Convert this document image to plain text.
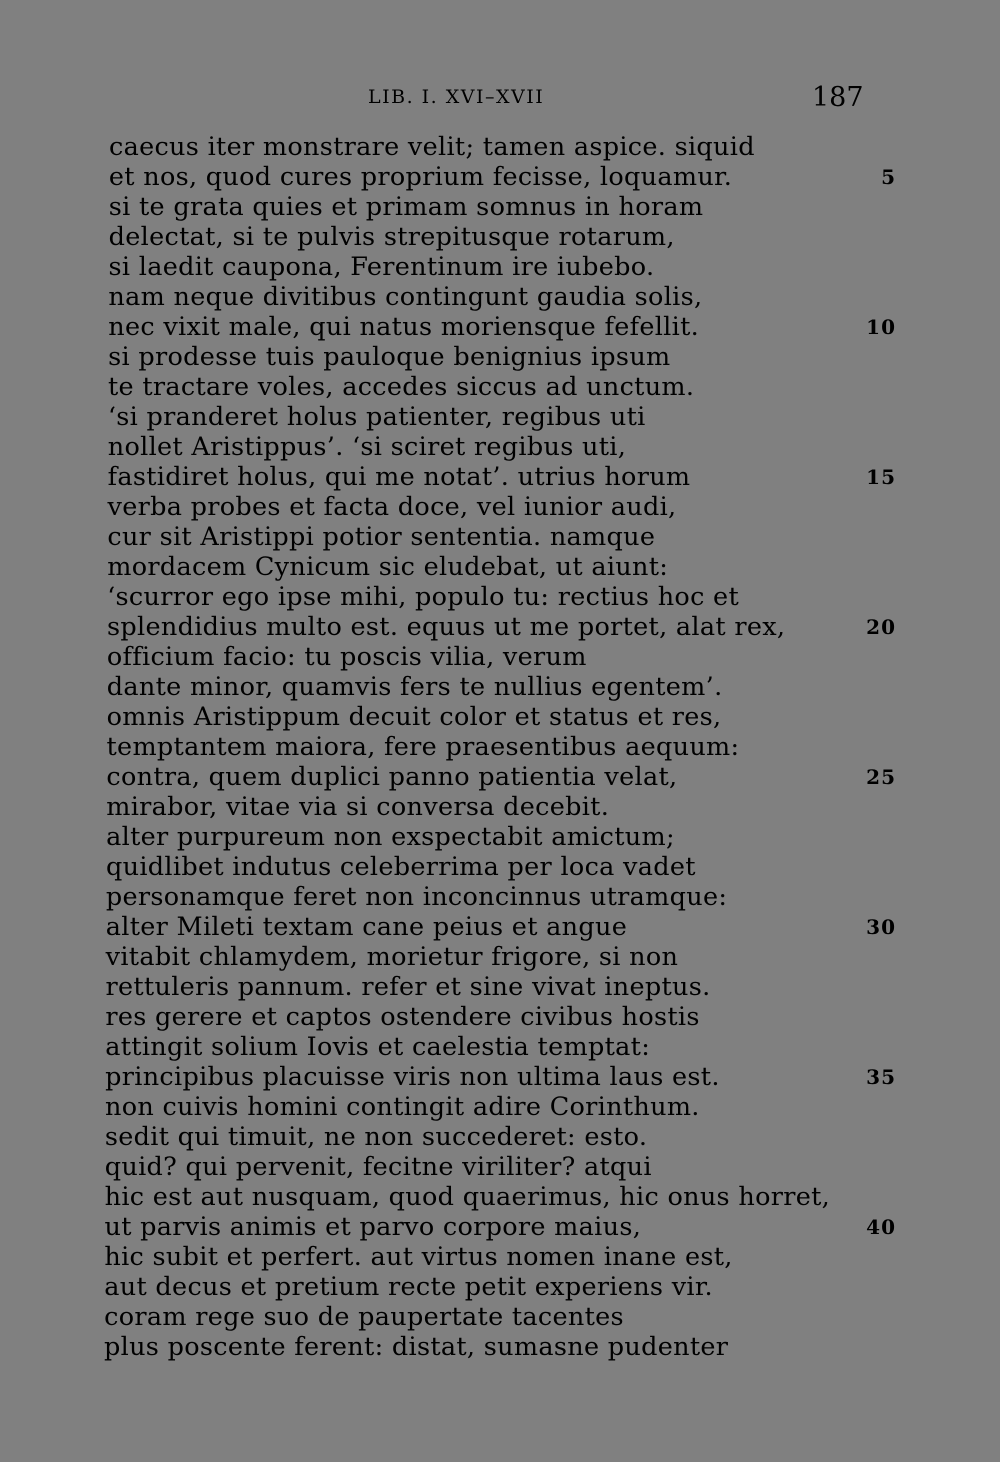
LIB. I. XVI–XVII	187
caecus iter monstrare velit; tamen aspice. siquid
et nos, quod cures proprium fecisse, loquamur.	5
si te grata quies et primam somnus in horam
delectat, si te pulvis strepitusque rotarum,
si laedit caupona, Ferentinum ire iubebo.
nam neque divitibus contingunt gaudia solis,
nec vixit male, qui natus moriensque fefellit.	10
si prodesse tuis pauloque benignius ipsum
te tractare voles, accedes siccus ad unctum.
‘si pranderet holus patienter, regibus uti
nollet Aristippus’. ‘si sciret regibus uti,
fastidiret holus, qui me notat’. utrius horum	15
verba probes et facta doce, vel iunior audi,
cur sit Aristippi potior sententia. namque
mordacem Cynicum sic eludebat, ut aiunt:
‘scurror ego ipse mihi, populo tu: rectius hoc et
splendidius multo est. equus ut me portet, alat rex,	20
officium facio: tu poscis vilia, verum
dante minor, quamvis fers te nullius egentem’.
omnis Aristippum decuit color et status et res,
temptantem maiora, fere praesentibus aequum:
contra, quem duplici panno patientia velat,	25
mirabor, vitae via si conversa decebit.
alter purpureum non exspectabit amictum;
quidlibet indutus celeberrima per loca vadet
personamque feret non inconcinnus utramque:
alter Mileti textam cane peius et angue	30
vitabit chlamydem, morietur frigore, si non
rettuleris pannum. refer et sine vivat ineptus.
res gerere et captos ostendere civibus hostis
attingit solium Iovis et caelestia temptat:
principibus placuisse viris non ultima laus est.	35
non cuivis homini contingit adire Corinthum.
sedit qui timuit, ne non succederet: esto.
quid? qui pervenit, fecitne viriliter? atqui
hic est aut nusquam, quod quaerimus, hic onus horret,
ut parvis animis et parvo corpore maius,	40
hic subit et perfert. aut virtus nomen inane est,
aut decus et pretium recte petit experiens vir.
coram rege suo de paupertate tacentes
plus poscente ferent: distat, sumasne pudenter
